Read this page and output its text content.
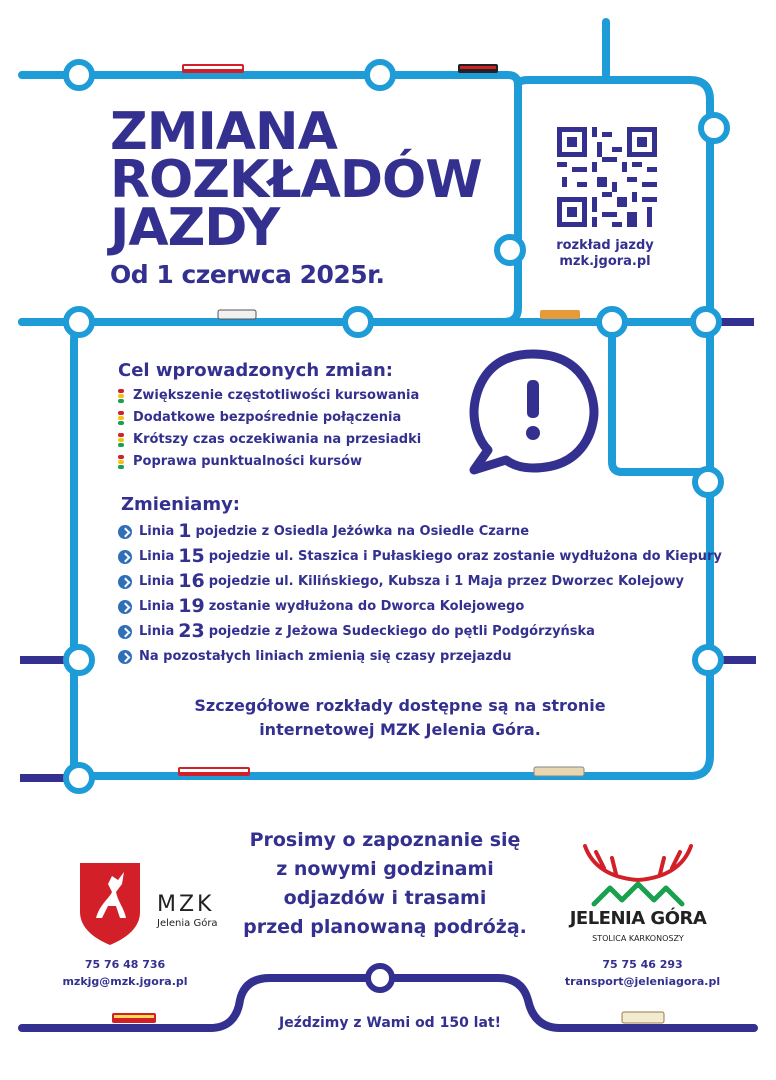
ZMIANA
ROZKŁADÓW
JAZDY
Od 1 czerwca 2025r.
rozkład jazdy
mzk.jgora.pl
Cel wprowadzonych zmian:
Zwiększenie częstotliwości kursowania
Dodatkowe bezpośrednie połączenia
Krótszy czas oczekiwania na przesiadki
Poprawa punktualności kursów
Zmieniamy:
Linia 1 pojedzie z Osiedla Jeżówka na Osiedle Czarne
Linia 15 pojedzie ul. Staszica i Pułaskiego oraz zostanie wydłużona do Kiepury
Linia 16 pojedzie ul. Kilińskiego, Kubsza i 1 Maja przez Dworzec Kolejowy
Linia 19 zostanie wydłużona do Dworca Kolejowego
Linia 23 pojedzie z Jeżowa Sudeckiego do pętli Podgórzyńska
Na pozostałych liniach zmienią się czasy przejazdu
Szczegółowe rozkłady dostępne są na stronie
internetowej MZK Jelenia Góra.
Prosimy o zapoznanie się
z nowymi godzinami
odjazdów i trasami
przed planowaną podróżą.
MZK
Jelenia Góra
75 76 48 736
mzkjg@mzk.jgora.pl
JELENIA GÓRA
STOLICA KARKONOSZY
75 75 46 293
transport@jeleniagora.pl
Jeździmy z Wami od 150 lat!
